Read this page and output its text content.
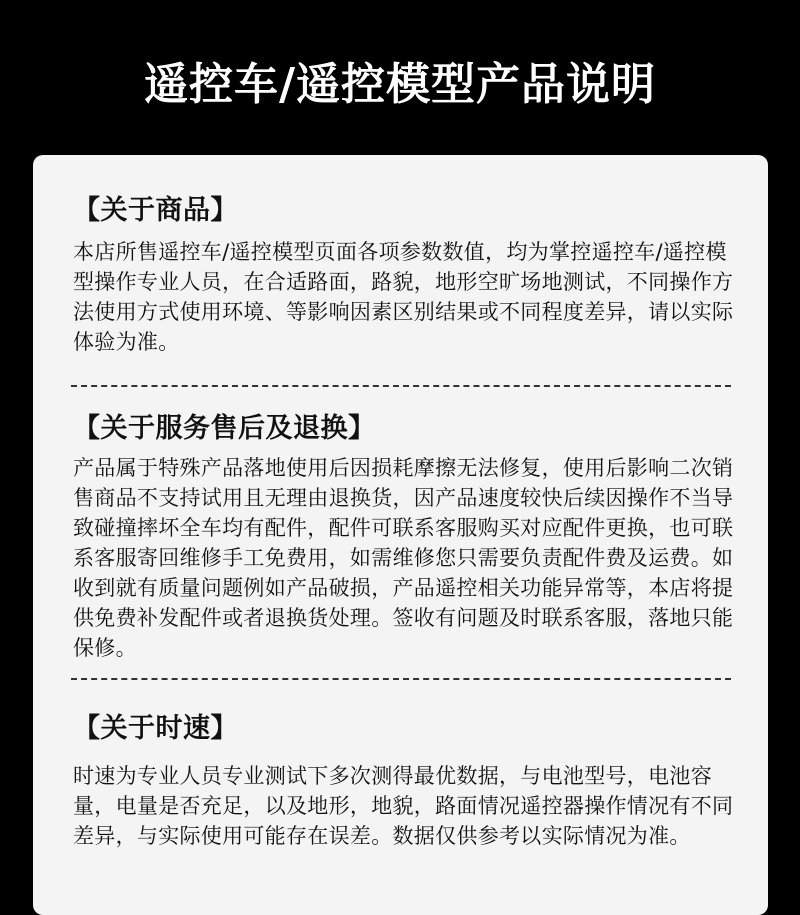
遥控车/遥控模型产品说明
【关于商品】

本店所售遥控车/遥控模型页面各项参数数值，均为掌控遥控车/遥控模型操作专业人员，在合适路面，路貌，地形空旷场地测试，不同操作方法使用方式使用环境、等影响因素区别结果或不同程度差异，请以实际体验为准。

【关于服务售后及退换】

产品属于特殊产品落地使用后因损耗摩擦无法修复，使用后影响二次销售商品不支持试用且无理由退换货，因产品速度较快后续因操作不当导致碰撞摔坏全车均有配件，配件可联系客服购买对应配件更换，也可联系客服寄回维修手工免费用，如需维修您只需要负责配件费及运费。如收到就有质量问题例如产品破损，产品遥控相关功能异常等，本店将提供免费补发配件或者退换货处理。签收有问题及时联系客服，落地只能保修。

【关于时速】

时速为专业人员专业测试下多次测得最优数据，与电池型号，电池容量，电量是否充足，以及地形，地貌，路面情况遥控器操作情况有不同差异，与实际使用可能存在误差。数据仅供参考以实际情况为准。
